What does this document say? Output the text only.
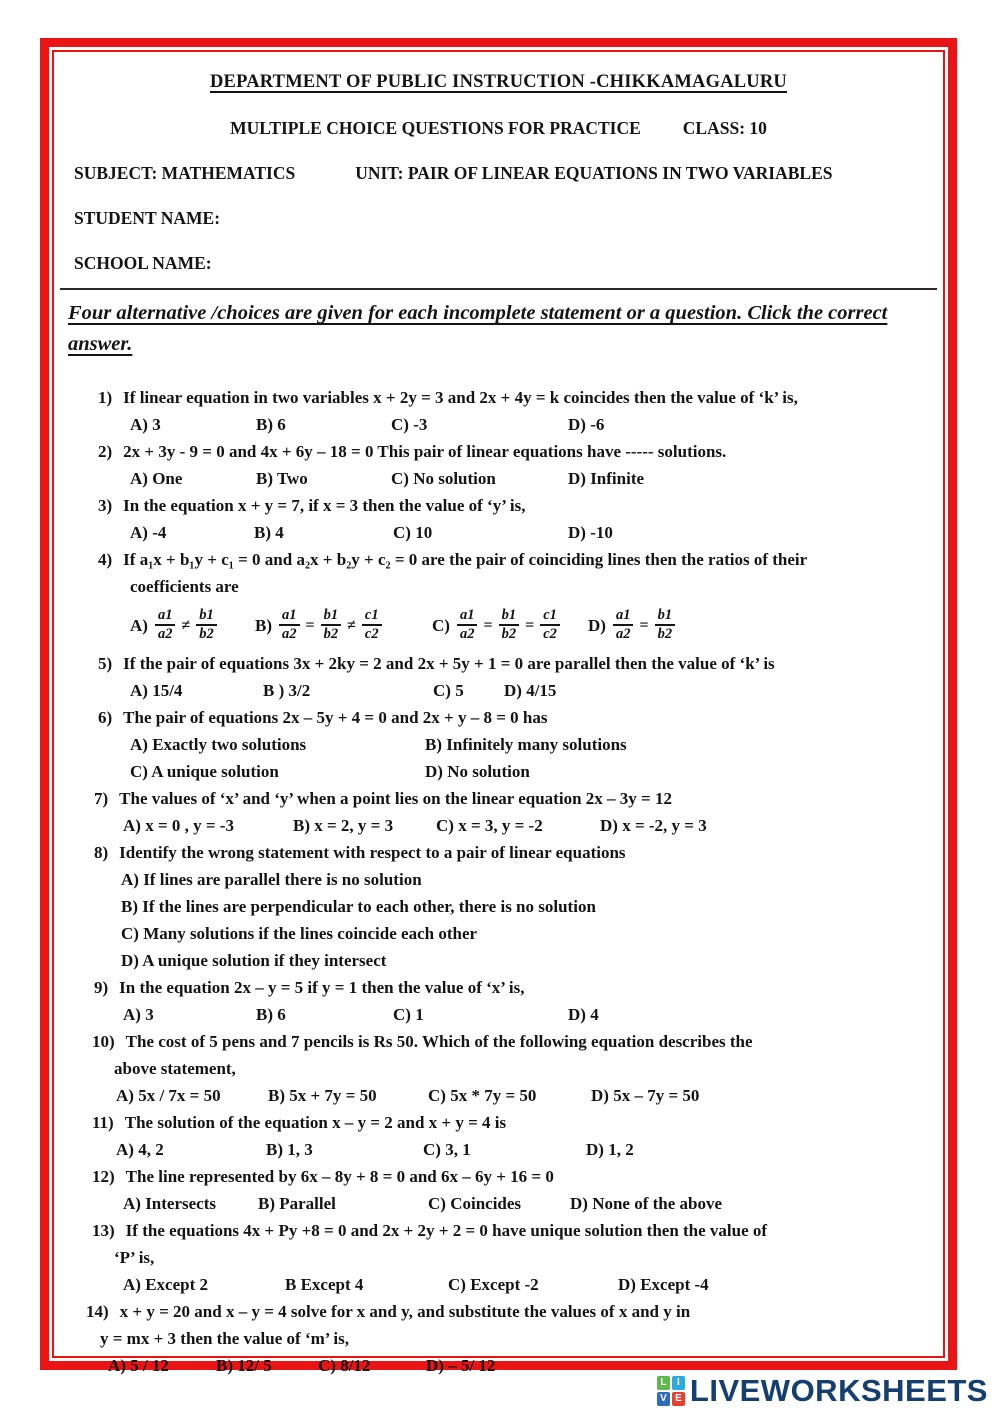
DEPARTMENT OF PUBLIC INSTRUCTION -CHIKKAMAGALURU
MULTIPLE CHOICE QUESTIONS FOR PRACTICE CLASS: 10
SUBJECT: MATHEMATICS	UNIT: PAIR OF LINEAR EQUATIONS IN TWO VARIABLES
STUDENT NAME:
SCHOOL NAME:
Four alternative /choices are given for each incomplete statement or a question. Click the correct answer.
1) If linear equation in two variables x + 2y = 3 and 2x + 4y = k coincides then the value of ‘k’ is,
A) 3	B) 6	C) -3	D) -6
2) 2x + 3y - 9 = 0 and 4x + 6y – 18 = 0 This pair of linear equations have ----- solutions.
A) One	B) Two	C) No solution	D) Infinite
3) In the equation x + y = 7, if x = 3 then the value of ‘y’ is,
A) -4	B) 4	C) 10	D) -10
4) If a₁x + b₁y + c₁ = 0 and a₂x + b₂y + c₂ = 0 are the pair of coinciding lines then the ratios of their
coefficients are
$A) \frac{a1}{a2} \ne \frac{b1}{b2} B) \frac{a1}{a2} = \frac{b1}{b2} \ne \frac{c1}{c2}$	$C) \frac{a1}{a2} = \frac{b1}{b2} = \frac{c1}{c2} D) \frac{a1}{a2} = \frac{b1}{b2}$
5) If the pair of equations 3x + 2ky = 2 and 2x + 5y + 1 = 0 are parallel then the value of ‘k’ is
A) 15/4	B ) 3/2	C) 5 D) 4/15
6) The pair of equations 2x – 5y + 4 = 0 and 2x + y – 8 = 0 has
A) Exactly two solutions	B) Infinitely many solutions
C) A unique solution	D) No solution
7) The values of ‘x’ and ‘y’ when a point lies on the linear equation 2x – 3y = 12
A) x = 0 , y = -3	B) x = 2, y = 3	C) x = 3, y = -2	D) x = -2, y = 3
8) Identify the wrong statement with respect to a pair of linear equations
A) If lines are parallel there is no solution
B) If the lines are perpendicular to each other, there is no solution
C) Many solutions if the lines coincide each other
D) A unique solution if they intersect
9) In the equation 2x – y = 5 if y = 1 then the value of ‘x’ is,
A) 3	B) 6	C) 1	D) 4
10) The cost of 5 pens and 7 pencils is Rs 50. Which of the following equation describes the
above statement,
A) 5x / 7x = 50	B) 5x + 7y = 50	C) 5x * 7y = 50	D) 5x – 7y = 50
11) The solution of the equation x – y = 2 and x + y = 4 is
A) 4, 2	B) 1, 3	C) 3, 1	D) 1, 2
12) The line represented by 6x – 8y + 8 = 0 and 6x – 6y + 16 = 0
A) Intersects B) Parallel	C) Coincides	D) None of the above
13) If the equations 4x + Py +8 = 0 and 2x + 2y + 2 = 0 have unique solution then the value of
‘P’ is,
A) Except 2	B Except 4	C) Except -2	D) Except -4
14) x + y = 20 and x – y = 4 solve for x and y, and substitute the values of x and y in
y = mx + 3 then the value of ‘m’ is,
A) 5 / 12	B) 12/ 5	C) 8/12	D) – 5/ 12
L	I
V E LIVEWORKSHEETS
